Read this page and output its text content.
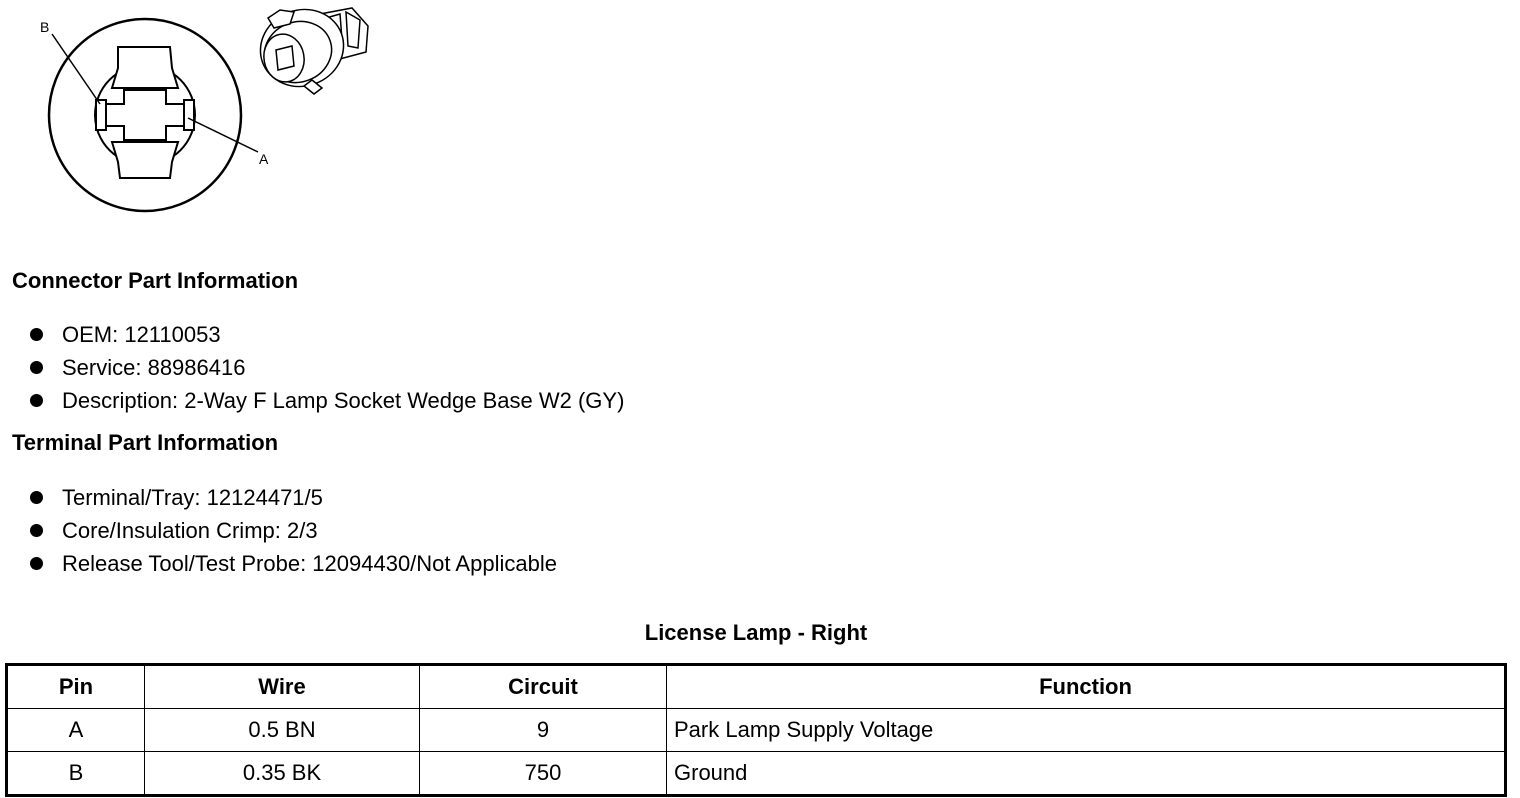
B
A
Connector Part Information
OEM: 12110053
Service: 88986416
Description: 2-Way F Lamp Socket Wedge Base W2 (GY)
Terminal Part Information
Terminal/Tray: 12124471/5
Core/Insulation Crimp: 2/3
Release Tool/Test Probe: 12094430/Not Applicable
License Lamp - Right
Pin	Wire	Circuit	Function
A	0.5 BN	9	Park Lamp Supply Voltage
B	0.35 BK	750	Ground
